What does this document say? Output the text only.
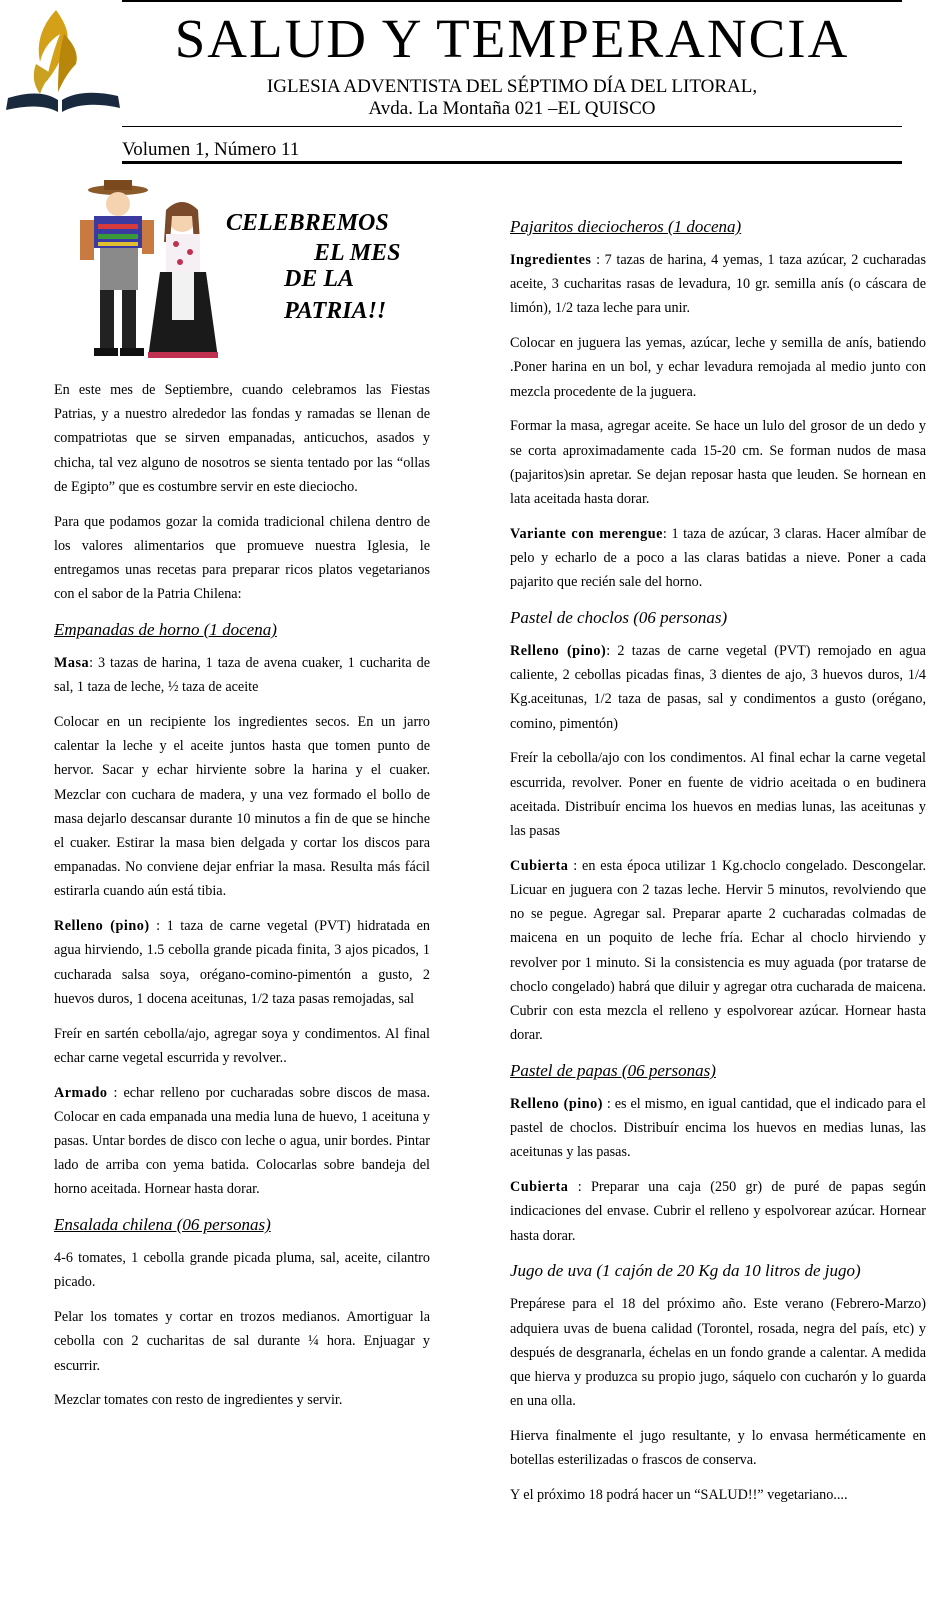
SALUD Y TEMPERANCIA
IGLESIA ADVENTISTA DEL SÉPTIMO DÍA DEL LITORAL,
Avda. La Montaña 021 –EL QUISCO
Volumen 1, Número 11
CELEBREMOS
EL MES
DE LA
PATRIA!!

En este mes de Septiembre, cuando celebramos las Fiestas Patrias, y a nuestro alrededor las fondas y ramadas se llenan de compatriotas que se sirven empanadas, anticuchos, asados y chicha, tal vez alguno de nosotros se sienta tentado por las “ollas de Egipto” que es costumbre servir en este dieciocho.

Para que podamos gozar la comida tradicional chilena dentro de los valores alimentarios que promueve nuestra Iglesia, le entregamos unas recetas para preparar ricos platos vegetarianos con el sabor de la Patria Chilena:

Empanadas de horno (1 docena)

Masa: 3 tazas de harina, 1 taza de avena cuaker, 1 cucharita de sal, 1 taza de leche, ½ taza de aceite

Colocar en un recipiente los ingredientes secos. En un jarro calentar la leche y el aceite juntos hasta que tomen punto de hervor. Sacar y echar hirviente sobre la harina y el cuaker. Mezclar con cuchara de madera, y una vez formado el bollo de masa dejarlo descansar durante 10 minutos a fin de que se hinche el cuaker. Estirar la masa bien delgada y cortar los discos para empanadas. No conviene dejar enfriar la masa. Resulta más fácil estirarla cuando aún está tibia.

Relleno (pino) : 1 taza de carne vegetal (PVT) hidratada en agua hirviendo, 1.5 cebolla grande picada finita, 3 ajos picados, 1 cucharada salsa soya, orégano-comino-pimentón a gusto, 2 huevos duros, 1 docena aceitunas, 1/2 taza pasas remojadas, sal

Freír en sartén cebolla/ajo, agregar soya y condimentos. Al final echar carne vegetal escurrida y revolver..

Armado : echar relleno por cucharadas sobre discos de masa. Colocar en cada empanada una media luna de huevo, 1 aceituna y pasas. Untar bordes de disco con leche o agua, unir bordes. Pintar lado de arriba con yema batida. Colocarlas sobre bandeja del horno aceitada. Hornear hasta dorar.

Ensalada chilena (06 personas)

4-6 tomates, 1 cebolla grande picada pluma, sal, aceite, cilantro picado.

Pelar los tomates y cortar en trozos medianos. Amortiguar la cebolla con 2 cucharitas de sal durante ¼ hora. Enjuagar y escurrir.

Mezclar tomates con resto de ingredientes y servir.

Pajaritos dieciocheros (1 docena)

Ingredientes : 7 tazas de harina, 4 yemas, 1 taza azúcar, 2 cucharadas aceite, 3 cucharitas rasas de levadura, 10 gr. semilla anís (o cáscara de limón), 1/2 taza leche para unir.

Colocar en juguera las yemas, azúcar, leche y semilla de anís, batiendo .Poner harina en un bol, y echar levadura remojada al medio junto con mezcla procedente de la juguera.

Formar la masa, agregar aceite. Se hace un lulo del grosor de un dedo y se corta aproximadamente cada 15-20 cm. Se forman nudos de masa (pajaritos)sin apretar. Se dejan reposar hasta que leuden. Se hornean en lata aceitada hasta dorar.

Variante con merengue: 1 taza de azúcar, 3 claras. Hacer almíbar de pelo y echarlo de a poco a las claras batidas a nieve. Poner a cada pajarito que recién sale del horno.

Pastel de choclos (06 personas)

Relleno (pino): 2 tazas de carne vegetal (PVT) remojado en agua caliente, 2 cebollas picadas finas, 3 dientes de ajo, 3 huevos duros, 1/4 Kg.aceitunas, 1/2 taza de pasas, sal y condimentos a gusto (orégano, comino, pimentón)

Freír la cebolla/ajo con los condimentos. Al final echar la carne vegetal escurrida, revolver. Poner en fuente de vidrio aceitada o en budinera aceitada. Distribuír encima los huevos en medias lunas, las aceitunas y las pasas

Cubierta : en esta época utilizar 1 Kg.choclo congelado. Descongelar. Licuar en juguera con 2 tazas leche. Hervir 5 minutos, revolviendo que no se pegue. Agregar sal. Preparar aparte 2 cucharadas colmadas de maicena en un poquito de leche fría. Echar al choclo hirviendo y revolver por 1 minuto. Si la consistencia es muy aguada (por tratarse de choclo congelado) habrá que diluir y agregar otra cucharada de maicena. Cubrir con esta mezcla el relleno y espolvorear azúcar. Hornear hasta dorar.

Pastel de papas (06 personas)

Relleno (pino) : es el mismo, en igual cantidad, que el indicado para el pastel de choclos. Distribuír encima los huevos en medias lunas, las aceitunas y las pasas.

Cubierta : Preparar una caja (250 gr) de puré de papas según indicaciones del envase. Cubrir el relleno y espolvorear azúcar. Hornear hasta dorar.

Jugo de uva (1 cajón de 20 Kg da 10 litros de jugo)

Prepárese para el 18 del próximo año. Este verano (Febrero-Marzo) adquiera uvas de buena calidad (Torontel, rosada, negra del país, etc) y después de desgranarla, échelas en un fondo grande a calentar. A medida que hierva y produzca su propio jugo, sáquelo con cucharón y lo guarda en una olla.

Hierva finalmente el jugo resultante, y lo envasa herméticamente en botellas esterilizadas o frascos de conserva.

Y el próximo 18 podrá hacer un “SALUD!!” vegetariano....
